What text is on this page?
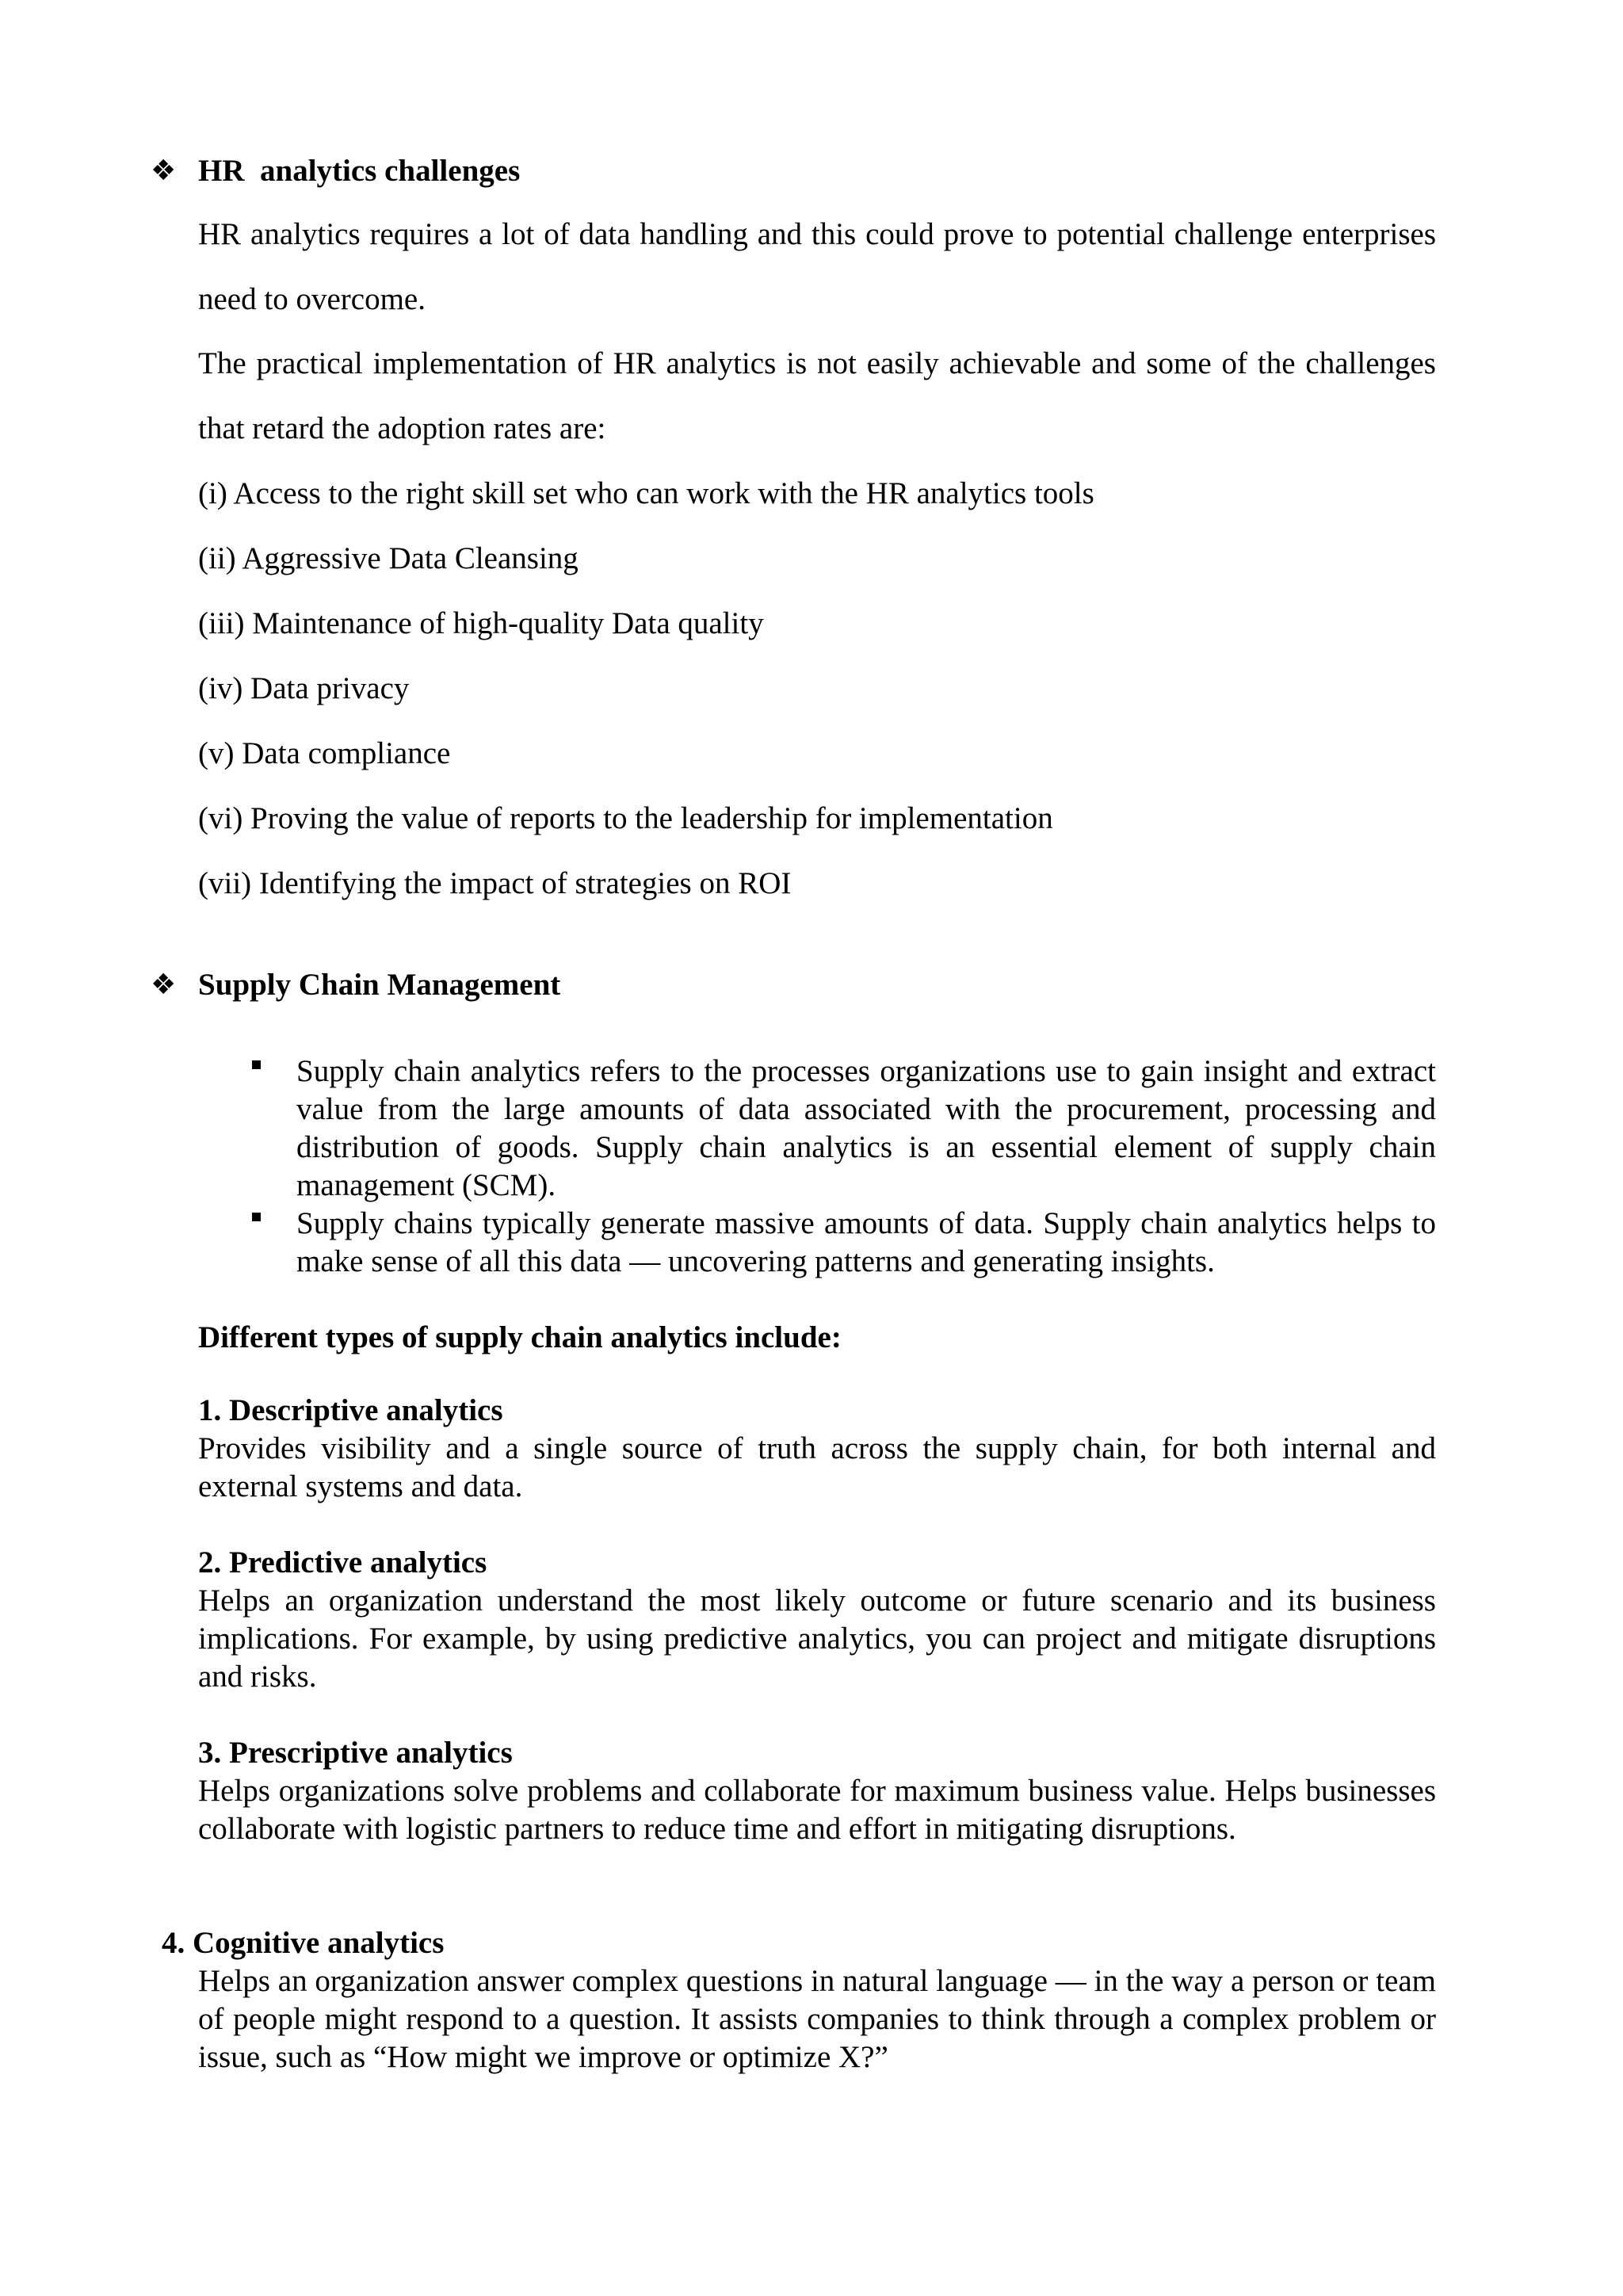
❖ HR  analytics challenges
HR analytics requires a lot of data handling and this could prove to potential challenge enterprises need to overcome.
The practical implementation of HR analytics is not easily achievable and some of the challenges that retard the adoption rates are:
(i) Access to the right skill set who can work with the HR analytics tools
(ii) Aggressive Data Cleansing
(iii) Maintenance of high-quality Data quality
(iv) Data privacy
(v) Data compliance
(vi) Proving the value of reports to the leadership for implementation
(vii) Identifying the impact of strategies on ROI
❖ Supply Chain Management
Supply chain analytics refers to the processes organizations use to gain insight and extract value from the large amounts of data associated with the procurement, processing and distribution of goods. Supply chain analytics is an essential element of supply chain management (SCM).
Supply chains typically generate massive amounts of data. Supply chain analytics helps to make sense of all this data — uncovering patterns and generating insights.
Different types of supply chain analytics include:
1. Descriptive analytics
Provides visibility and a single source of truth across the supply chain, for both internal and external systems and data.
2. Predictive analytics
Helps an organization understand the most likely outcome or future scenario and its business implications. For example, by using predictive analytics, you can project and mitigate disruptions and risks.
3. Prescriptive analytics
Helps organizations solve problems and collaborate for maximum business value. Helps businesses collaborate with logistic partners to reduce time and effort in mitigating disruptions.
4. Cognitive analytics
Helps an organization answer complex questions in natural language — in the way a person or team of people might respond to a question. It assists companies to think through a complex problem or issue, such as “How might we improve or optimize X?”
